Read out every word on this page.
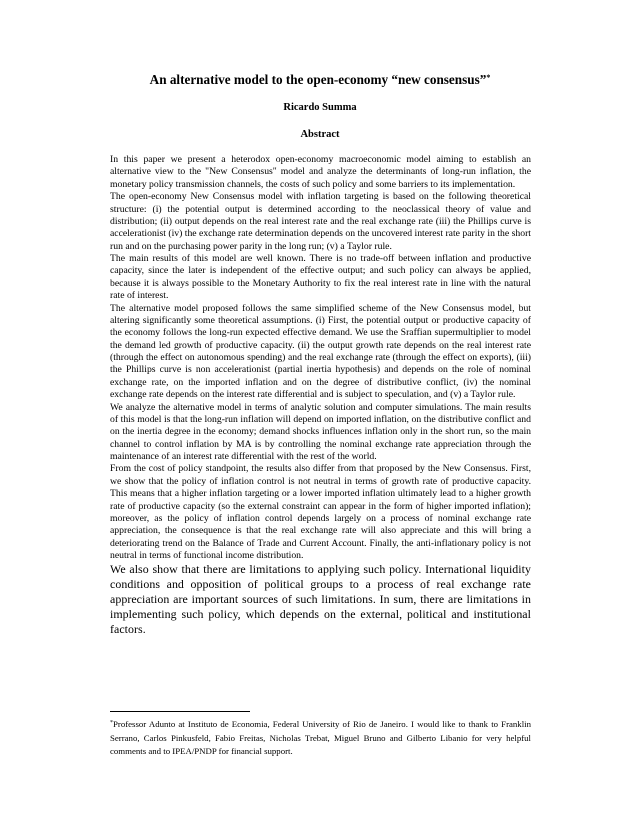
An alternative model to the open-economy “new consensus”*
Ricardo Summa
Abstract

In this paper we present a heterodox open-economy macroeconomic model aiming to establish an alternative view to the "New Consensus" model and analyze the determinants of long-run inflation, the monetary policy transmission channels, the costs of such policy and some barriers to its implementation.

The open-economy New Consensus model with inflation targeting is based on the following theoretical structure: (i) the potential output is determined according to the neoclassical theory of value and distribution; (ii) output depends on the real interest rate and the real exchange rate (iii) the Phillips curve is accelerationist (iv) the exchange rate determination depends on the uncovered interest rate parity in the short run and on the purchasing power parity in the long run; (v) a Taylor rule.

The main results of this model are well known. There is no trade-off between inflation and productive capacity, since the later is independent of the effective output; and such policy can always be applied, because it is always possible to the Monetary Authority to fix the real interest rate in line with the natural rate of interest.

The alternative model proposed follows the same simplified scheme of the New Consensus model, but altering significantly some theoretical assumptions. (i) First, the potential output or productive capacity of the economy follows the long-run expected effective demand. We use the Sraffian supermultiplier to model the demand led growth of productive capacity. (ii) the output growth rate depends on the real interest rate (through the effect on autonomous spending) and the real exchange rate (through the effect on exports), (iii) the Phillips curve is non accelerationist (partial inertia hypothesis) and depends on the role of nominal exchange rate, on the imported inflation and on the degree of distributive conflict, (iv) the nominal exchange rate depends on the interest rate differential and is subject to speculation, and (v) a Taylor rule.

We analyze the alternative model in terms of analytic solution and computer simulations. The main results of this model is that the long-run inflation will depend on imported inflation, on the distributive conflict and on the inertia degree in the economy; demand shocks influences inflation only in the short run, so the main channel to control inflation by MA is by controlling the nominal exchange rate appreciation through the maintenance of an interest rate differential with the rest of the world.

From the cost of policy standpoint, the results also differ from that proposed by the New Consensus. First, we show that the policy of inflation control is not neutral in terms of growth rate of productive capacity. This means that a higher inflation targeting or a lower imported inflation ultimately lead to a higher growth rate of productive capacity (so the external constraint can appear in the form of higher imported inflation); moreover, as the policy of inflation control depends largely on a process of nominal exchange rate appreciation, the consequence is that the real exchange rate will also appreciate and this will bring a deteriorating trend on the Balance of Trade and Current Account. Finally, the anti-inflationary policy is not neutral in terms of functional income distribution.

We also show that there are limitations to applying such policy. International liquidity conditions and opposition of political groups to a process of real exchange rate appreciation are important sources of such limitations. In sum, there are limitations in implementing such policy, which depends on the external, political and institutional factors.

*Professor Adunto at Instituto de Economia, Federal University of Rio de Janeiro. I would like to thank to Franklin Serrano, Carlos Pinkusfeld, Fabio Freitas, Nicholas Trebat, Miguel Bruno and Gilberto Libanio for very helpful comments and to IPEA/PNDP for financial support.
